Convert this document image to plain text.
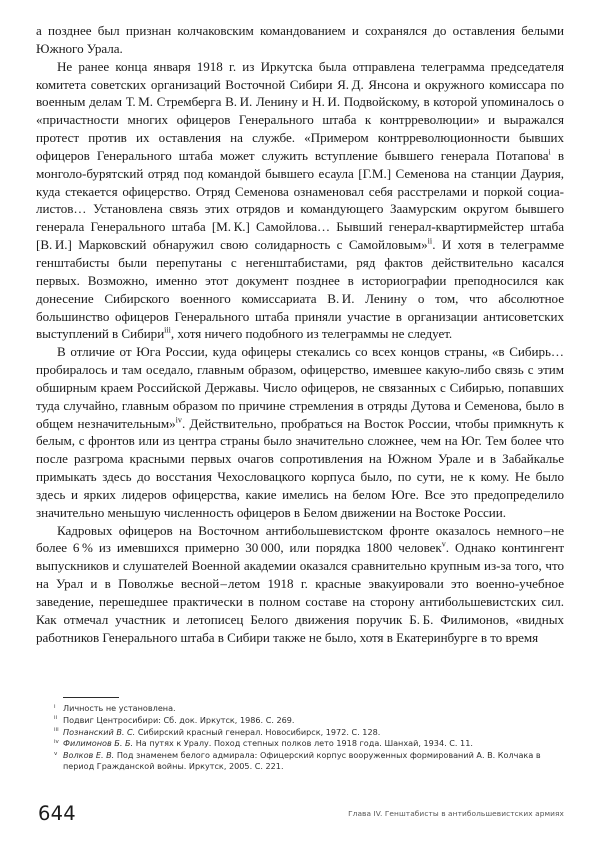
а позднее был признан колчаковским командованием и сохранялся до оставления белыми Южного Урала.

Не ранее конца января 1918 г. из Иркутска была отправлена телеграмма председателя комитета советских организаций Восточной Сибири Я. Д. Янсона и окружного комиссара по военным делам Т. М. Стремберга В. И. Ленину и Н. И. Подвойскому, в которой упоминалось о «причастности многих офицеров Генерального штаба к контрреволюции» и выражался протест против их оставления на службе. «Примером контрреволюционности бывших офицеров Генерального штаба может служить вступление бывшего генерала Потапова$^i$ в монголо-бурятский отряд под командой бывшего есаула [Г.М.] Семенова на станции Даурия, куда стекается офицерство. Отряд Семенова ознаменовал себя расстрелами и поркой социалистов… Установлена связь этих отрядов и командующего Заамурским округом бывшего генерала Генерального штаба [М. К.] Самойлова… Бывший генерал-квартирмейстер штаба [В. И.] Марковский обнаружил свою солидарность с Самойловым»$^{ii}$. И хотя в телеграмме генштабисты были перепутаны с негенштабистами, ряд фактов действительно касался первых. Возможно, именно этот документ позднее в историографии преподносился как донесение Сибирского военного комиссариата В. И. Ленину о том, что абсолютное большинство офицеров Генерального штаба приняли участие в организации антисоветских выступлений в Сибири$^{iii}$, хотя ничего подобного из телеграммы не следует.

В отличие от Юга России, куда офицеры стекались со всех концов страны, «в Сибирь… пробиралось и там оседало, главным образом, офицерство, имевшее какую-либо связь с этим обширным краем Российской Державы. Число офицеров, не связанных с Сибирью, попавших туда случайно, главным образом по причине стремления в отряды Дутова и Семенова, было в общем незначительным»$^{iv}$. Действительно, пробраться на Восток России, чтобы примкнуть к белым, с фронтов или из центра страны было значительно сложнее, чем на Юг. Тем более что после разгрома красными первых очагов сопротивления на Южном Урале и в Забайкалье примыкать здесь до восстания Чехословацкого корпуса было, по сути, не к кому. Не было здесь и ярких лидеров офицерства, какие имелись на белом Юге. Все это предопределило значительно меньшую численность офицеров в Белом движении на Востоке России.

Кадровых офицеров на Восточном антибольшевистском фронте оказалось немного – не более 6 % из имевшихся примерно 30 000, или порядка 1800 человек$^v$. Однако контингент выпускников и слушателей Военной академии оказался сравнительно крупным из-за того, что на Урал и в Поволжье весной – летом 1918 г. красные эвакуировали это военно-учебное заведение, перешедшее практически в полном составе на сторону антибольшевистских сил. Как отмечал участник и летописец Белого движения поручик Б. Б. Филимонов, «видных работников Генерального штаба в Сибири также не было, хотя в Екатеринбурге в то время

i Личность не установлена.
ii Подвиг Центросибири: Сб. док. Иркутск, 1986. С. 269.
iii Познанский В. С. Сибирский красный генерал. Новосибирск, 1972. С. 128.
iv Филимонов Б. Б. На путях к Уралу. Поход степных полков лето 1918 года. Шанхай, 1934. С. 11.
v Волков Е. В. Под знаменем белого адмирала: Офицерский корпус вооруженных формирований А. В. Колчака в период Гражданской войны. Иркутск, 2005. С. 221.
644	Глава IV. Генштабисты в антибольшевистских армиях
